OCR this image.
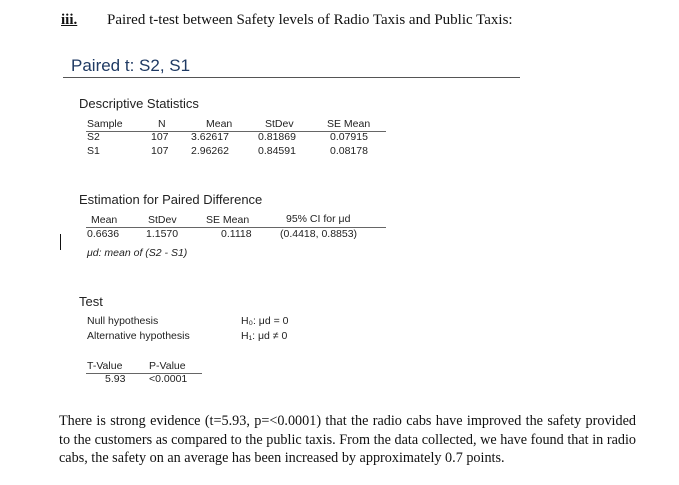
iii. Paired t-test between Safety levels of Radio Taxis and Public Taxis:
Paired t: S2, S1
Descriptive Statistics
Sample	N	Mean	StDev	SE Mean
S2	107 3.62617	0.81869	0.07915
S1	107 2.96262	0.84591	0.08178
Estimation for Paired Difference
Mean	StDev	SE Mean	95% CI for μd
0.6636	1.1570	0.1118	(0.4418, 0.8853)
μd: mean of (S2 - S1)
Test
Null hypothesis	H₀: μd = 0
Alternative hypothesis	H₁: μd ≠ 0
T-Value	P-Value
5.93 <0.0001

There is strong evidence (t=5.93, p=<0.0001) that the radio cabs have improved the safety provided to the customers as compared to the public taxis. From the data collected, we have found that in radio cabs, the safety on an average has been increased by approximately 0.7 points.
